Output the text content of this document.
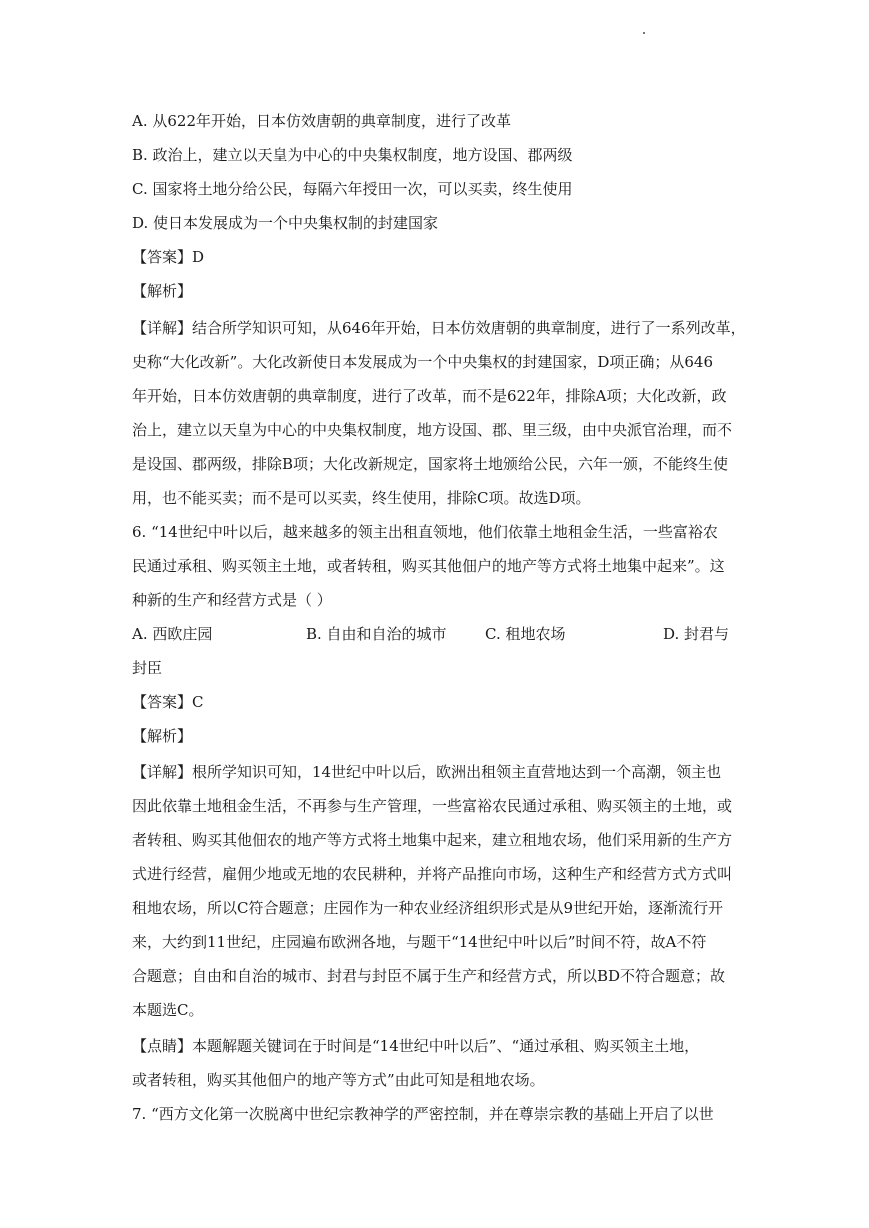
A. 从622年开始，日本仿效唐朝的典章制度，进行了改革
B. 政治上，建立以天皇为中心的中央集权制度，地方设国、郡两级
C. 国家将土地分给公民，每隔六年授田一次，可以买卖，终生使用
D. 使日本发展成为一个中央集权制的封建国家
【答案】D
【解析】
【详解】结合所学知识可知，从646年开始，日本仿效唐朝的典章制度，进行了一系列改革，
史称“大化改新”。大化改新使日本发展成为一个中央集权的封建国家，D项正确；从646
年开始，日本仿效唐朝的典章制度，进行了改革，而不是622年，排除A项；大化改新，政
治上，建立以天皇为中心的中央集权制度，地方设国、郡、里三级，由中央派官治理，而不
是设国、郡两级，排除B项；大化改新规定，国家将土地颁给公民，六年一颁，不能终生使
用，也不能买卖；而不是可以买卖，终生使用，排除C项。故选D项。
6. “14世纪中叶以后，越来越多的领主出租直领地，他们依靠土地租金生活，一些富裕农
民通过承租、购买领主土地，或者转租，购买其他佃户的地产等方式将土地集中起来”。这
种新的生产和经营方式是（ ）
A. 西欧庄园	B. 自由和自治的城市	C. 租地农场	D. 封君与
封臣
【答案】C
【解析】
【详解】根所学知识可知，14世纪中叶以后，欧洲出租领主直营地达到一个高潮，领主也
因此依靠土地租金生活，不再参与生产管理，一些富裕农民通过承租、购买领主的土地，或
者转租、购买其他佃农的地产等方式将土地集中起来，建立租地农场，他们采用新的生产方
式进行经营，雇佣少地或无地的农民耕种，并将产品推向市场，这种生产和经营方式方式叫
租地农场，所以C符合题意；庄园作为一种农业经济组织形式是从9世纪开始，逐渐流行开
来，大约到11世纪，庄园遍布欧洲各地，与题干“14世纪中叶以后”时间不符，故A不符
合题意；自由和自治的城市、封君与封臣不属于生产和经营方式，所以BD不符合题意；故
本题选C。
【点睛】本题解题关键词在于时间是“14世纪中叶以后”、“通过承租、购买领主土地，
或者转租，购买其他佃户的地产等方式”由此可知是租地农场。
7. “西方文化第一次脱离中世纪宗教神学的严密控制，并在尊崇宗教的基础上开启了以世
